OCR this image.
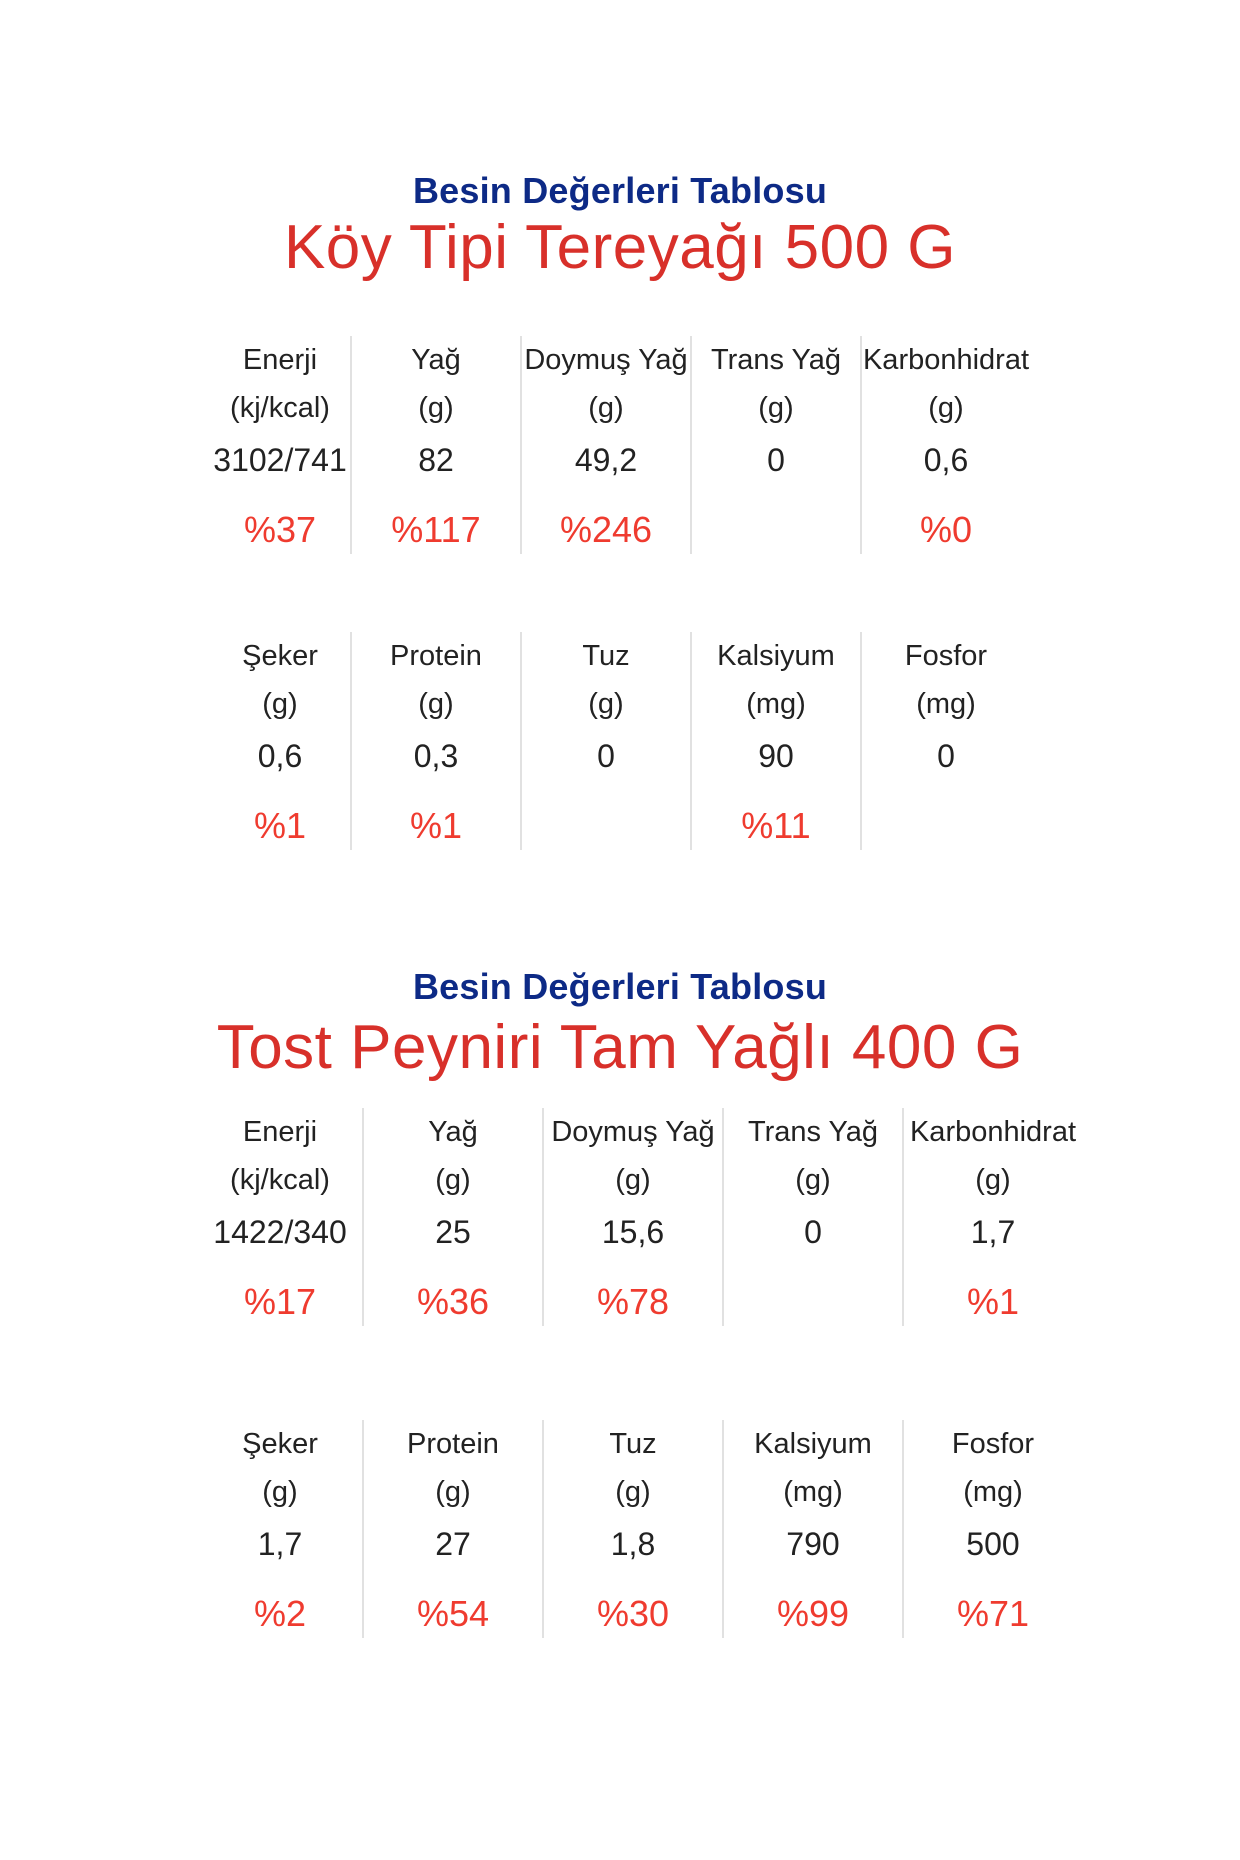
Besin Değerleri Tablosu
Köy Tipi Tereyağı 500 G
Enerji
(kj/kcal)
3102/741
%37
Yağ
(g)
82
%117
Doymuş Yağ
(g)
49,2
%246
Trans Yağ
(g)
0
Karbonhidrat
(g)
0,6
%0
Şeker
(g)
0,6
%1
Protein
(g)
0,3
%1
Tuz
(g)
0
Kalsiyum
(mg)
90
%11
Fosfor
(mg)
0
Besin Değerleri Tablosu
Tost Peyniri Tam Yağlı 400 G
Enerji
(kj/kcal)
1422/340
%17
Yağ
(g)
25
%36
Doymuş Yağ
(g)
15,6
%78
Trans Yağ
(g)
0
Karbonhidrat
(g)
1,7
%1
Şeker
(g)
1,7
%2
Protein
(g)
27
%54
Tuz
(g)
1,8
%30
Kalsiyum
(mg)
790
%99
Fosfor
(mg)
500
%71
